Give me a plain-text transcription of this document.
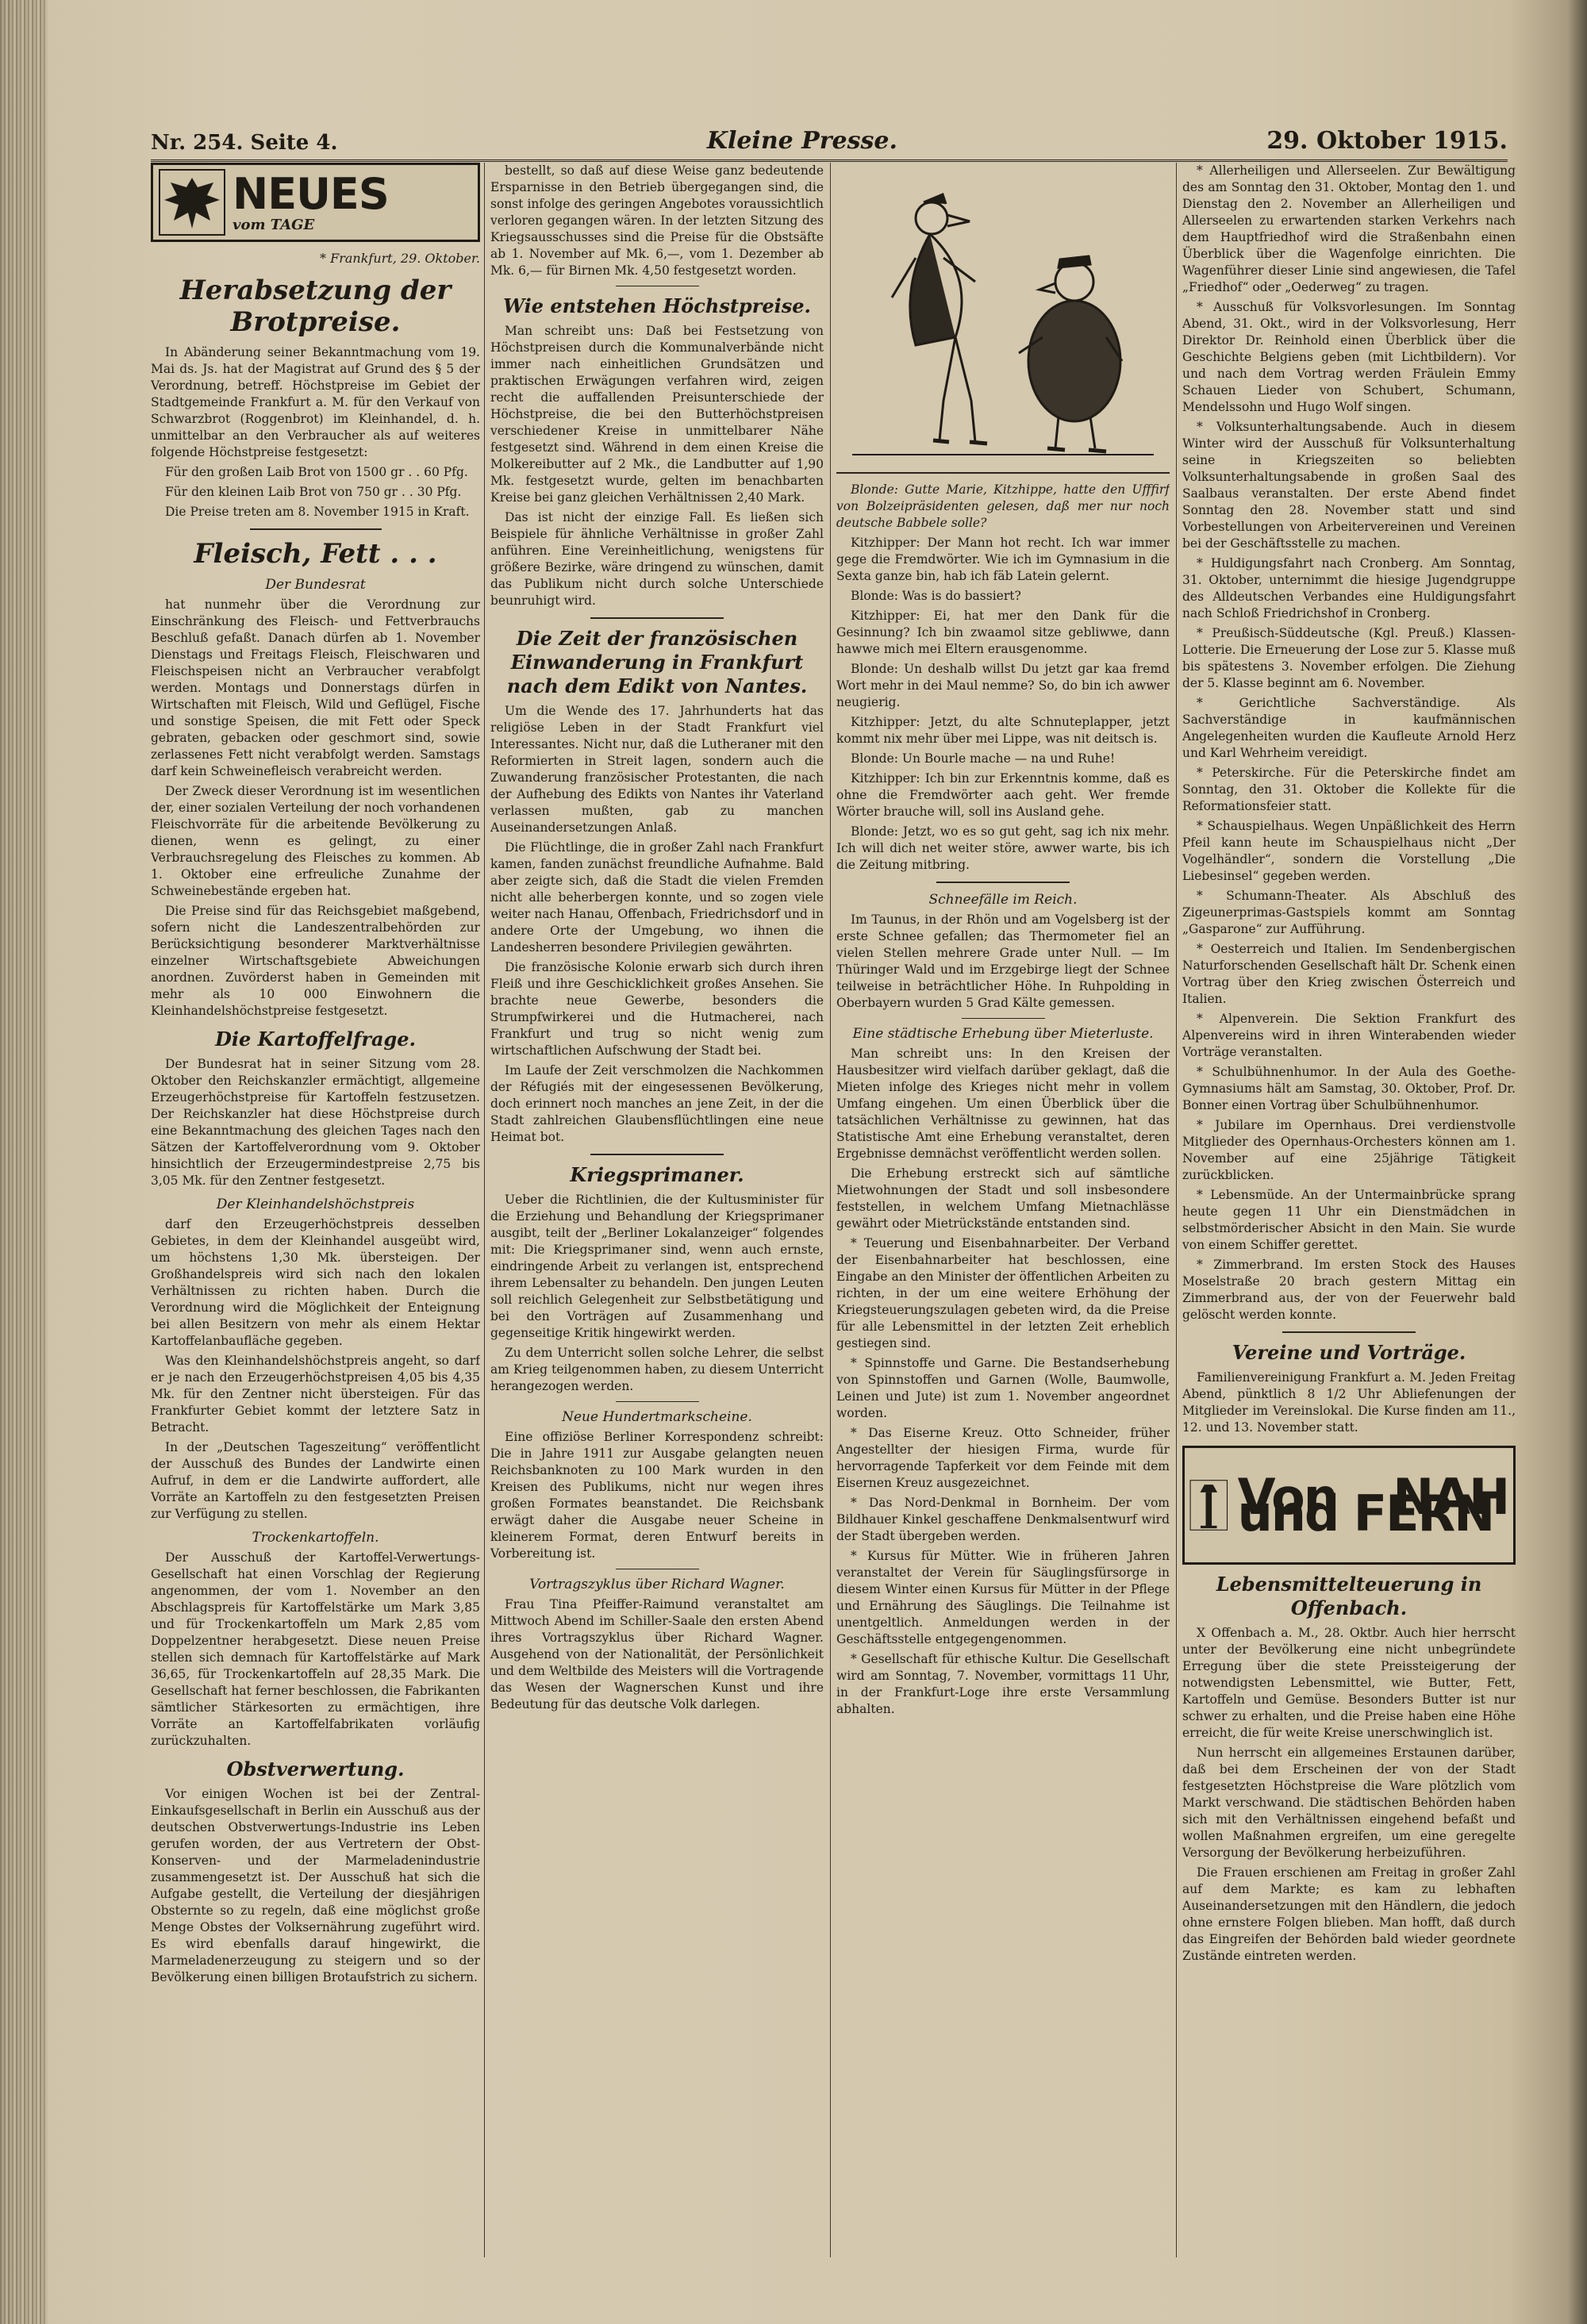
Nr. 254. Seite 4.	Kleine Presse.	29. Oktober 1915.
NEUES
vom TAGE
* Frankfurt, 29. Oktober.
Herabsetzung der Brotpreise.

In Abänderung seiner Bekanntmachung vom 19. Mai ds. Js. hat der Magistrat auf Grund des § 5 der Verordnung, betreff. Höchstpreise im Gebiet der Stadtgemeinde Frankfurt a. M. für den Verkauf von Schwarzbrot (Roggenbrot) im Kleinhandel, d. h. unmittelbar an den Verbraucher als auf weiteres folgende Höchstpreise festgesetzt:

Für den großen Laib Brot von 1500 gr . . 60 Pfg.

Für den kleinen Laib Brot von 750 gr . . 30 Pfg.

Die Preise treten am 8. November 1915 in Kraft.

Fleisch, Fett . . .
Der Bundesrat

hat nunmehr über die Verordnung zur Einschränkung des Fleisch- und Fettverbrauchs Beschluß gefaßt. Danach dürfen ab 1. November Dienstags und Freitags Fleisch, Fleischwaren und Fleischspeisen nicht an Verbraucher verabfolgt werden. Montags und Donnerstags dürfen in Wirtschaften mit Fleisch, Wild und Geflügel, Fische und sonstige Speisen, die mit Fett oder Speck gebraten, gebacken oder geschmort sind, sowie zerlassenes Fett nicht verabfolgt werden. Samstags darf kein Schweinefleisch verabreicht werden.

Der Zweck dieser Verordnung ist im wesentlichen der, einer sozialen Verteilung der noch vorhandenen Fleischvorräte für die arbeitende Bevölkerung zu dienen, wenn es gelingt, zu einer Verbrauchsregelung des Fleisches zu kommen. Ab 1. Oktober eine erfreuliche Zunahme der Schweinebestände ergeben hat.

Die Preise sind für das Reichsgebiet maßgebend, sofern nicht die Landeszentralbehörden zur Berücksichtigung besonderer Marktverhältnisse einzelner Wirtschaftsgebiete Abweichungen anordnen. Zuvörderst haben in Gemeinden mit mehr als 10 000 Einwohnern die Kleinhandelshöchstpreise festgesetzt.

Die Kartoffelfrage.

Der Bundesrat hat in seiner Sitzung vom 28. Oktober den Reichskanzler ermächtigt, allgemeine Erzeugerhöchstpreise für Kartoffeln festzusetzen. Der Reichskanzler hat diese Höchstpreise durch eine Bekanntmachung des gleichen Tages nach den Sätzen der Kartoffelverordnung vom 9. Oktober hinsichtlich der Erzeugermindestpreise 2,75 bis 3,05 Mk. für den Zentner festgesetzt.

Der Kleinhandelshöchstpreis

darf den Erzeugerhöchstpreis desselben Gebietes, in dem der Kleinhandel ausgeübt wird, um höchstens 1,30 Mk. übersteigen. Der Großhandelspreis wird sich nach den lokalen Verhältnissen zu richten haben. Durch die Verordnung wird die Möglichkeit der Enteignung bei allen Besitzern von mehr als einem Hektar Kartoffelanbaufläche gegeben.

Was den Kleinhandelshöchstpreis angeht, so darf er je nach den Erzeugerhöchstpreisen 4,05 bis 4,35 Mk. für den Zentner nicht übersteigen. Für das Frankfurter Gebiet kommt der letztere Satz in Betracht.

In der „Deutschen Tageszeitung“ veröffentlicht der Ausschuß des Bundes der Landwirte einen Aufruf, in dem er die Landwirte auffordert, alle Vorräte an Kartoffeln zu den festgesetzten Preisen zur Verfügung zu stellen.

Trockenkartoffeln.

Der Ausschuß der Kartoffel-Verwertungs-Gesellschaft hat einen Vorschlag der Regierung angenommen, der vom 1. November an den Abschlagspreis für Kartoffelstärke um Mark 3,85 und für Trockenkartoffeln um Mark 2,85 vom Doppelzentner herabgesetzt. Diese neuen Preise stellen sich demnach für Kartoffelstärke auf Mark 36,65, für Trockenkartoffeln auf 28,35 Mark. Die Gesellschaft hat ferner beschlossen, die Fabrikanten sämtlicher Stärkesorten zu ermächtigen, ihre Vorräte an Kartoffelfabrikaten vorläufig zurückzuhalten.

Obstverwertung.

Vor einigen Wochen ist bei der Zentral-Einkaufsgesellschaft in Berlin ein Ausschuß aus der deutschen Obstverwertungs-Industrie ins Leben gerufen worden, der aus Vertretern der Obst-Konserven- und der Marmeladenindustrie zusammengesetzt ist. Der Ausschuß hat sich die Aufgabe gestellt, die Verteilung der diesjährigen Obsternte so zu regeln, daß eine möglichst große Menge Obstes der Volksernährung zugeführt wird. Es wird ebenfalls darauf hingewirkt, die Marmeladenerzeugung zu steigern und so der Bevölkerung einen billigen Brotaufstrich zu sichern.

bestellt, so daß auf diese Weise ganz bedeutende Ersparnisse in den Betrieb übergegangen sind, die sonst infolge des geringen Angebotes voraussichtlich verloren gegangen wären. In der letzten Sitzung des Kriegsausschusses sind die Preise für die Obstsäfte ab 1. November auf Mk. 6,—, vom 1. Dezember ab Mk. 6,— für Birnen Mk. 4,50 festgesetzt worden.

Wie entstehen Höchstpreise.

Man schreibt uns: Daß bei Festsetzung von Höchstpreisen durch die Kommunalverbände nicht immer nach einheitlichen Grundsätzen und praktischen Erwägungen verfahren wird, zeigen recht die auffallenden Preisunterschiede der Höchstpreise, die bei den Butterhöchstpreisen verschiedener Kreise in unmittelbarer Nähe festgesetzt sind. Während in dem einen Kreise die Molkereibutter auf 2 Mk., die Landbutter auf 1,90 Mk. festgesetzt wurde, gelten im benachbarten Kreise bei ganz gleichen Verhältnissen 2,40 Mark.

Das ist nicht der einzige Fall. Es ließen sich Beispiele für ähnliche Verhältnisse in großer Zahl anführen. Eine Vereinheitlichung, wenigstens für größere Bezirke, wäre dringend zu wünschen, damit das Publikum nicht durch solche Unterschiede beunruhigt wird.

Die Zeit der französischen Einwanderung in Frankfurt nach dem Edikt von Nantes.

Um die Wende des 17. Jahrhunderts hat das religiöse Leben in der Stadt Frankfurt viel Interessantes. Nicht nur, daß die Lutheraner mit den Reformierten in Streit lagen, sondern auch die Zuwanderung französischer Protestanten, die nach der Aufhebung des Edikts von Nantes ihr Vaterland verlassen mußten, gab zu manchen Auseinandersetzungen Anlaß.

Die Flüchtlinge, die in großer Zahl nach Frankfurt kamen, fanden zunächst freundliche Aufnahme. Bald aber zeigte sich, daß die Stadt die vielen Fremden nicht alle beherbergen konnte, und so zogen viele weiter nach Hanau, Offenbach, Friedrichsdorf und in andere Orte der Umgebung, wo ihnen die Landesherren besondere Privilegien gewährten.

Die französische Kolonie erwarb sich durch ihren Fleiß und ihre Geschicklichkeit großes Ansehen. Sie brachte neue Gewerbe, besonders die Strumpfwirkerei und die Hutmacherei, nach Frankfurt und trug so nicht wenig zum wirtschaftlichen Aufschwung der Stadt bei.

Im Laufe der Zeit verschmolzen die Nachkommen der Réfugiés mit der eingesessenen Bevölkerung, doch erinnert noch manches an jene Zeit, in der die Stadt zahlreichen Glaubensflüchtlingen eine neue Heimat bot.

Kriegsprimaner.

Ueber die Richtlinien, die der Kultusminister für die Erziehung und Behandlung der Kriegsprimaner ausgibt, teilt der „Berliner Lokalanzeiger“ folgendes mit: Die Kriegsprimaner sind, wenn auch ernste, eindringende Arbeit zu verlangen ist, entsprechend ihrem Lebensalter zu behandeln. Den jungen Leuten soll reichlich Gelegenheit zur Selbstbetätigung und bei den Vorträgen auf Zusammenhang und gegenseitige Kritik hingewirkt werden.

Zu dem Unterricht sollen solche Lehrer, die selbst am Krieg teilgenommen haben, zu diesem Unterricht herangezogen werden.

Neue Hundertmarkscheine.

Eine offiziöse Berliner Korrespondenz schreibt: Die in Jahre 1911 zur Ausgabe gelangten neuen Reichsbanknoten zu 100 Mark wurden in den Kreisen des Publikums, nicht nur wegen ihres großen Formates beanstandet. Die Reichsbank erwägt daher die Ausgabe neuer Scheine in kleinerem Format, deren Entwurf bereits in Vorbereitung ist.

Vortragszyklus über Richard Wagner.

Frau Tina Pfeiffer-Raimund veranstaltet am Mittwoch Abend im Schiller-Saale den ersten Abend ihres Vortragszyklus über Richard Wagner. Ausgehend von der Nationalität, der Persönlichkeit und dem Weltbilde des Meisters will die Vortragende das Wesen der Wagnerschen Kunst und ihre Bedeutung für das deutsche Volk darlegen.

Blonde: Gutte Marie, Kitzhippe, hatte den Ufffirf von Bolzeipräsidenten gelesen, daß mer nur noch deutsche Babbele solle?

Kitzhipper: Der Mann hot recht. Ich war immer gege die Fremdwörter. Wie ich im Gymnasium in die Sexta ganze bin, hab ich fäb Latein gelernt.

Blonde: Was is do bassiert?

Kitzhipper: Ei, hat mer den Dank für die Gesinnung? Ich bin zwaamol sitze gebliwwe, dann hawwe mich mei Eltern erausgenomme.

Blonde: Un deshalb willst Du jetzt gar kaa fremd Wort mehr in dei Maul nemme? So, do bin ich awwer neugierig.

Kitzhipper: Jetzt, du alte Schnuteplapper, jetzt kommt nix mehr über mei Lippe, was nit deitsch is.

Blonde: Un Bourle mache — na und Ruhe!

Kitzhipper: Ich bin zur Erkenntnis komme, daß es ohne die Fremdwörter aach geht. Wer fremde Wörter brauche will, soll ins Ausland gehe.

Blonde: Jetzt, wo es so gut geht, sag ich nix mehr. Ich will dich net weiter störe, awwer warte, bis ich die Zeitung mitbring.

Schneefälle im Reich.

Im Taunus, in der Rhön und am Vogelsberg ist der erste Schnee gefallen; das Thermometer fiel an vielen Stellen mehrere Grade unter Null. — Im Thüringer Wald und im Erzgebirge liegt der Schnee teilweise in beträchtlicher Höhe. In Ruhpolding in Oberbayern wurden 5 Grad Kälte gemessen.

Eine städtische Erhebung über Mieterluste.

Man schreibt uns: In den Kreisen der Hausbesitzer wird vielfach darüber geklagt, daß die Mieten infolge des Krieges nicht mehr in vollem Umfang eingehen. Um einen Überblick über die tatsächlichen Verhältnisse zu gewinnen, hat das Statistische Amt eine Erhebung veranstaltet, deren Ergebnisse demnächst veröffentlicht werden sollen.

Die Erhebung erstreckt sich auf sämtliche Mietwohnungen der Stadt und soll insbesondere feststellen, in welchem Umfang Mietnachlässe gewährt oder Mietrückstände entstanden sind.

* Teuerung und Eisenbahnarbeiter. Der Verband der Eisenbahnarbeiter hat beschlossen, eine Eingabe an den Minister der öffentlichen Arbeiten zu richten, in der um eine weitere Erhöhung der Kriegsteuerungszulagen gebeten wird, da die Preise für alle Lebensmittel in der letzten Zeit erheblich gestiegen sind.

* Spinnstoffe und Garne. Die Bestandserhebung von Spinnstoffen und Garnen (Wolle, Baumwolle, Leinen und Jute) ist zum 1. November angeordnet worden.

* Das Eiserne Kreuz. Otto Schneider, früher Angestellter der hiesigen Firma, wurde für hervorragende Tapferkeit vor dem Feinde mit dem Eisernen Kreuz ausgezeichnet.

* Das Nord-Denkmal in Bornheim. Der vom Bildhauer Kinkel geschaffene Denkmalsentwurf wird der Stadt übergeben werden.

* Kursus für Mütter. Wie in früheren Jahren veranstaltet der Verein für Säuglingsfürsorge in diesem Winter einen Kursus für Mütter in der Pflege und Ernährung des Säuglings. Die Teilnahme ist unentgeltlich. Anmeldungen werden in der Geschäftsstelle entgegengenommen.

* Gesellschaft für ethische Kultur. Die Gesellschaft wird am Sonntag, 7. November, vormittags 11 Uhr, in der Frankfurt-Loge ihre erste Versammlung abhalten.

* Allerheiligen und Allerseelen. Zur Bewältigung des am Sonntag den 31. Oktober, Montag den 1. und Dienstag den 2. November an Allerheiligen und Allerseelen zu erwartenden starken Verkehrs nach dem Hauptfriedhof wird die Straßenbahn einen Überblick über die Wagenfolge einrichten. Die Wagenführer dieser Linie sind angewiesen, die Tafel „Friedhof“ oder „Oederweg“ zu tragen.

* Ausschuß für Volksvorlesungen. Im Sonntag Abend, 31. Okt., wird in der Volksvorlesung, Herr Direktor Dr. Reinhold einen Überblick über die Geschichte Belgiens geben (mit Lichtbildern). Vor und nach dem Vortrag werden Fräulein Emmy Schauen Lieder von Schubert, Schumann, Mendelssohn und Hugo Wolf singen.

* Volksunterhaltungsabende. Auch in diesem Winter wird der Ausschuß für Volksunterhaltung seine in Kriegszeiten so beliebten Volksunterhaltungsabende in großen Saal des Saalbaus veranstalten. Der erste Abend findet Sonntag den 28. November statt und sind Vorbestellungen von Arbeitervereinen und Vereinen bei der Geschäftsstelle zu machen.

* Huldigungsfahrt nach Cronberg. Am Sonntag, 31. Oktober, unternimmt die hiesige Jugendgruppe des Alldeutschen Verbandes eine Huldigungsfahrt nach Schloß Friedrichshof in Cronberg.

* Preußisch-Süddeutsche (Kgl. Preuß.) Klassen-Lotterie. Die Erneuerung der Lose zur 5. Klasse muß bis spätestens 3. November erfolgen. Die Ziehung der 5. Klasse beginnt am 6. November.

* Gerichtliche Sachverständige. Als Sachverständige in kaufmännischen Angelegenheiten wurden die Kaufleute Arnold Herz und Karl Wehrheim vereidigt.

* Peterskirche. Für die Peterskirche findet am Sonntag, den 31. Oktober die Kollekte für die Reformationsfeier statt.

* Schauspielhaus. Wegen Unpäßlichkeit des Herrn Pfeil kann heute im Schauspielhaus nicht „Der Vogelhändler“, sondern die Vorstellung „Die Liebesinsel“ gegeben werden.

* Schumann-Theater. Als Abschluß des Zigeunerprimas-Gastspiels kommt am Sonntag „Gasparone“ zur Aufführung.

* Oesterreich und Italien. Im Sendenbergischen Naturforschenden Gesellschaft hält Dr. Schenk einen Vortrag über den Krieg zwischen Österreich und Italien.

* Alpenverein. Die Sektion Frankfurt des Alpenvereins wird in ihren Winterabenden wieder Vorträge veranstalten.

* Schulbühnenhumor. In der Aula des Goethe-Gymnasiums hält am Samstag, 30. Oktober, Prof. Dr. Bonner einen Vortrag über Schulbühnenhumor.

* Jubilare im Opernhaus. Drei verdienstvolle Mitglieder des Opernhaus-Orchesters können am 1. November auf eine 25jährige Tätigkeit zurückblicken.

* Lebensmüde. An der Untermainbrücke sprang heute gegen 11 Uhr ein Dienstmädchen in selbstmörderischer Absicht in den Main. Sie wurde von einem Schiffer gerettet.

* Zimmerbrand. Im ersten Stock des Hauses Moselstraße 20 brach gestern Mittag ein Zimmerbrand aus, der von der Feuerwehr bald gelöscht werden konnte.

Vereine und Vorträge.

Familienvereinigung Frankfurt a. M. Jeden Freitag Abend, pünktlich 8 1/2 Uhr Abliefenungen der Mitglieder im Vereinslokal. Die Kurse finden am 11., 12. und 13. November statt.

Von NAH und FERN
Lebensmittelteuerung in Offenbach.

X Offenbach a. M., 28. Oktbr. Auch hier herrscht unter der Bevölkerung eine nicht unbegründete Erregung über die stete Preissteigerung der notwendigsten Lebensmittel, wie Butter, Fett, Kartoffeln und Gemüse. Besonders Butter ist nur schwer zu erhalten, und die Preise haben eine Höhe erreicht, die für weite Kreise unerschwinglich ist.

Nun herrscht ein allgemeines Erstaunen darüber, daß bei dem Erscheinen der von der Stadt festgesetzten Höchstpreise die Ware plötzlich vom Markt verschwand. Die städtischen Behörden haben sich mit den Verhältnissen eingehend befaßt und wollen Maßnahmen ergreifen, um eine geregelte Versorgung der Bevölkerung herbeizuführen.

Die Frauen erschienen am Freitag in großer Zahl auf dem Markte; es kam zu lebhaften Auseinandersetzungen mit den Händlern, die jedoch ohne ernstere Folgen blieben. Man hofft, daß durch das Eingreifen der Behörden bald wieder geordnete Zustände eintreten werden.
